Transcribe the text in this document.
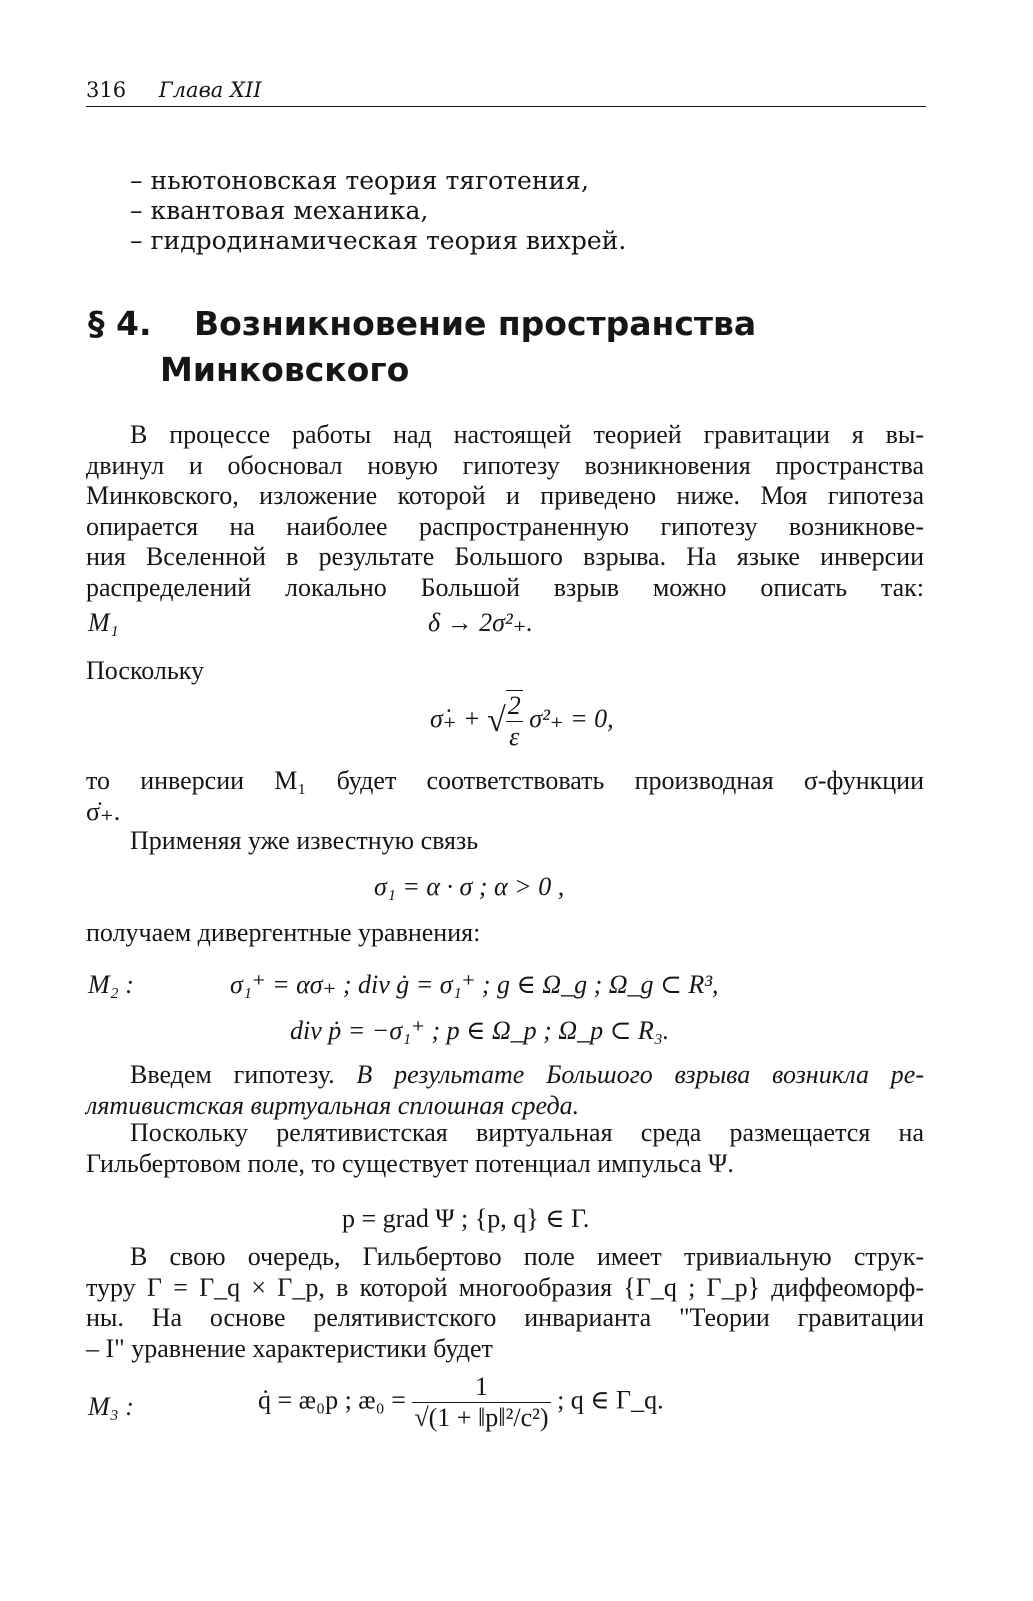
316 Глава XII
– ньютоновская теория тяготения,
– квантовая механика,
– гидродинамическая теория вихрей.
§ 4. Возникновение пространства
Минковского
В процессе работы над настоящей теорией гравитации я вы-
двинул и обосновал новую гипотезу возникновения пространства
Минковского, изложение которой и приведено ниже. Моя гипотеза
опирается на наиболее распространенную гипотезу возникнове-
ния Вселенной в результате Большого взрыва. На языке инверсии
распределений локально Большой взрыв можно описать так:
M₁	δ → 2σ²₊.
Поскольку
σ̇₊ + √ $\frac{2}{\varepsilon} \sigma^2_+ = 0$,
то инверсии M₁ будет соответствовать производная σ-функции
σ̇₊.
Применяя уже известную связь
σ₁ = α · σ ; α > 0 ,
получаем дивергентные уравнения:
M₂ :	σ₁⁺ = ασ₊ ; div ġ = σ₁⁺ ; g ∈ Ω_g ; Ω_g ⊂ R³,
div ṗ = −σ₁⁺ ; p ∈ Ω_p ; Ω_p ⊂ R₃.
Введем гипотезу. В результате Большого взрыва возникла ре-
лятивистская виртуальная сплошная среда.
Поскольку релятивистская виртуальная среда размещается на
Гильбертовом поле, то существует потенциал импульса Ψ.
p = grad Ψ ; {p, q} ∈ Γ.
В свою очередь, Гильбертово поле имеет тривиальную струк-
туру Γ = Γ_q × Γ_p, в которой многообразия {Γ_q ; Γ_p} диффеоморф-
ны. На основе релятивистского инварианта "Теории гравитации
– I" уравнение характеристики будет
M₃ :	q̇ = æ₀p ; æ₀ = $\frac{1}{\text{√(1 + ‖p‖²/c²)}}$ ; q ∈ Γ_q.
